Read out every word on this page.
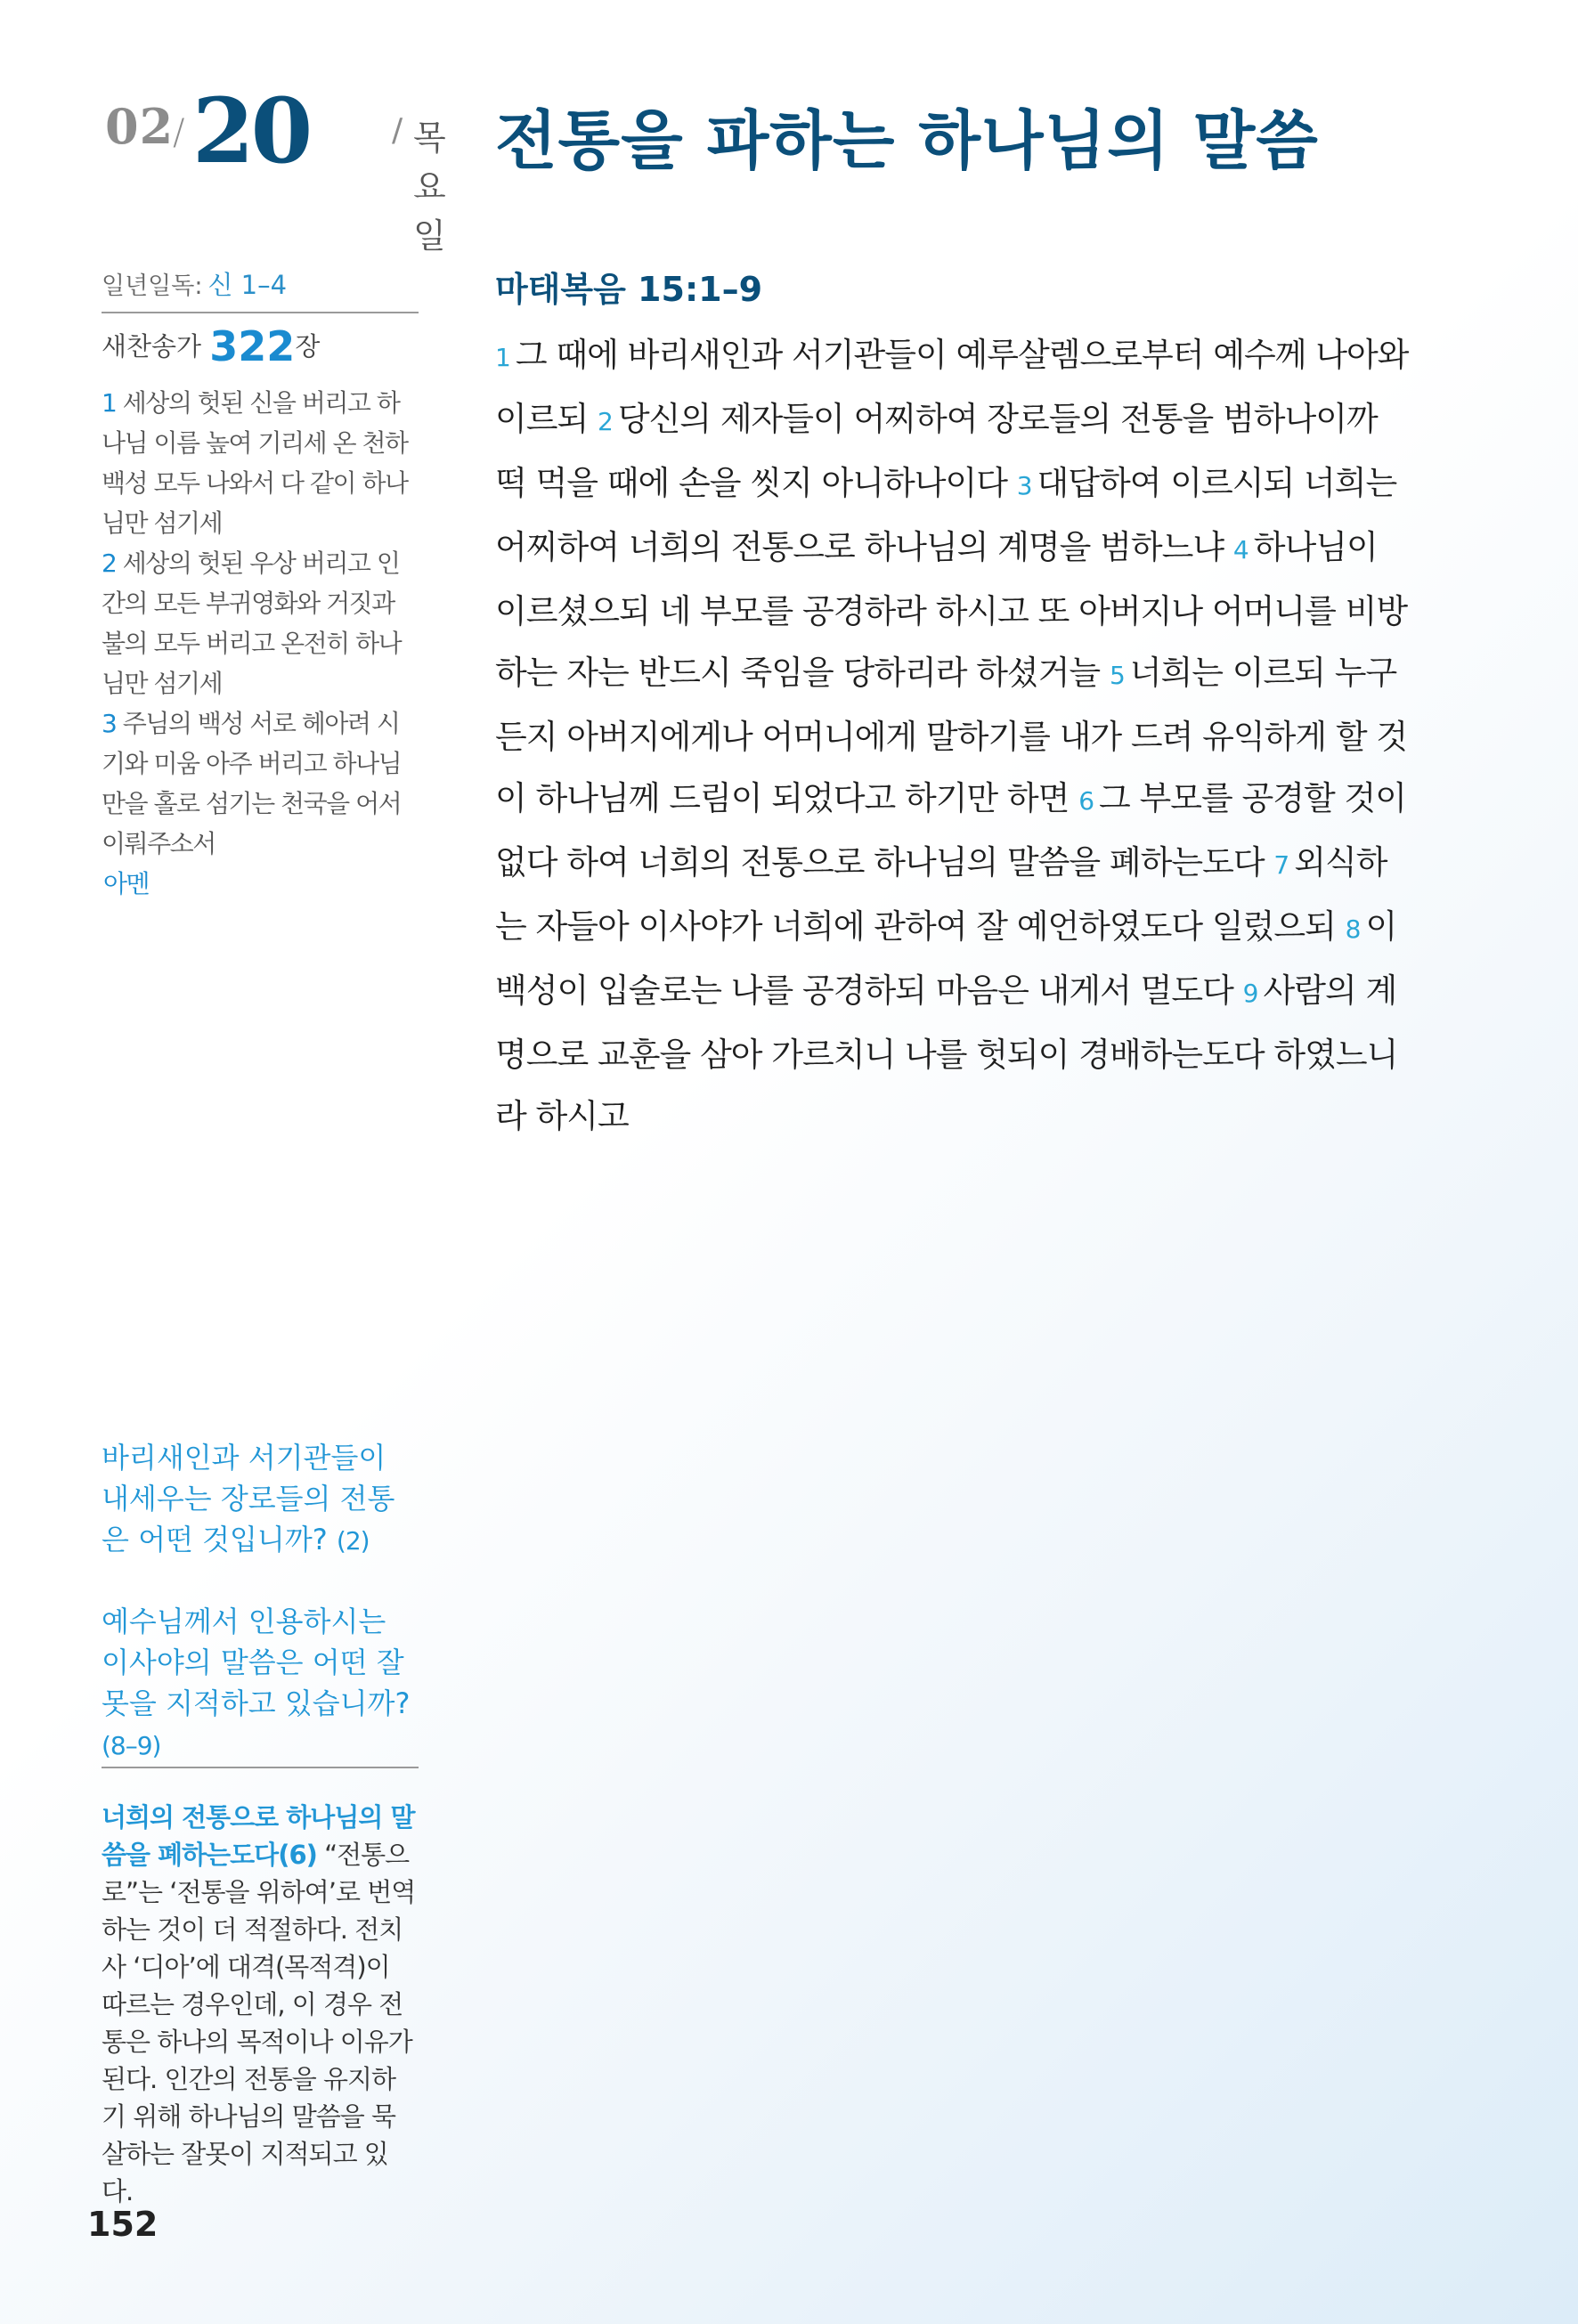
02
/ 20	/ 목요일
전통을 파하는 하나님의 말씀
일년일독: 신 1–4
새찬송가 322장
1 세상의 헛된 신을 버리고 하나님 이름 높여 기리세 온 천하 백성 모두 나와서 다 같이 하나님만 섬기세
2 세상의 헛된 우상 버리고 인간의 모든 부귀영화와 거짓과 불의 모두 버리고 온전히 하나님만 섬기세
3 주님의 백성 서로 헤아려 시기와 미움 아주 버리고 하나님만을 홀로 섬기는 천국을 어서 이뤄주소서
아멘
바리새인과 서기관들이 내세우는 장로들의 전통은 어떤 것입니까? (2)
예수님께서 인용하시는 이사야의 말씀은 어떤 잘못을 지적하고 있습니까? (8–9)
너희의 전통으로 하나님의 말씀을 폐하는도다(6) “전통으로”는 ‘전통을 위하여’로 번역하는 것이 더 적절하다. 전치사 ‘디아’에 대격(목적격)이 따르는 경우인데, 이 경우 전통은 하나의 목적이나 이유가 된다. 인간의 전통을 유지하기 위해 하나님의 말씀을 묵살하는 잘못이 지적되고 있다.
152
마태복음 15:1–9
1 그 때에 바리새인과 서기관들이 예루살렘으로부터 예수께 나아와 이르되 2 당신의 제자들이 어찌하여 장로들의 전통을 범하나이까 떡 먹을 때에 손을 씻지 아니하나이다 3 대답하여 이르시되 너희는 어찌하여 너희의 전통으로 하나님의 계명을 범하느냐 4 하나님이 이르셨으되 네 부모를 공경하라 하시고 또 아버지나 어머니를 비방하는 자는 반드시 죽임을 당하리라 하셨거늘 5 너희는 이르되 누구든지 아버지에게나 어머니에게 말하기를 내가 드려 유익하게 할 것이 하나님께 드림이 되었다고 하기만 하면 6 그 부모를 공경할 것이 없다 하여 너희의 전통으로 하나님의 말씀을 폐하는도다 7 외식하는 자들아 이사야가 너희에 관하여 잘 예언하였도다 일렀으되 8 이 백성이 입술로는 나를 공경하되 마음은 내게서 멀도다 9 사람의 계명으로 교훈을 삼아 가르치니 나를 헛되이 경배하는도다 하였느니라 하시고
